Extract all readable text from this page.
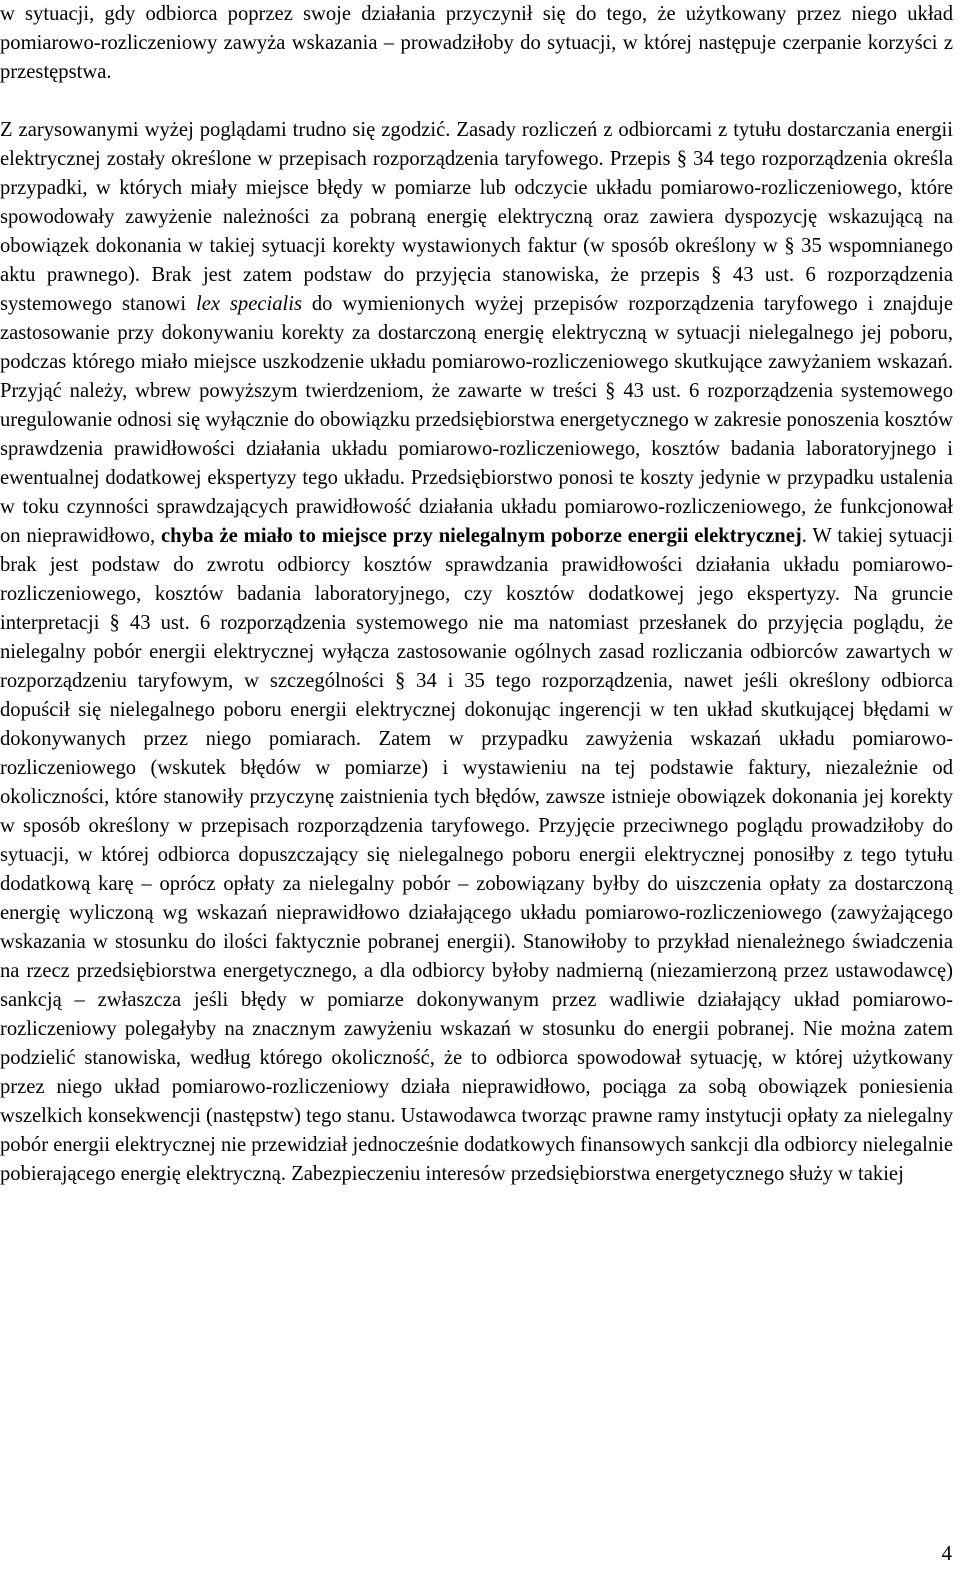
w sytuacji, gdy odbiorca poprzez swoje działania przyczynił się do tego, że użytkowany przez niego układ pomiarowo-rozliczeniowy zawyża wskazania – prowadziłoby do sytuacji, w której następuje czerpanie korzyści z przestępstwa.

Z zarysowanymi wyżej poglądami trudno się zgodzić. Zasady rozliczeń z odbiorcami z tytułu dostarczania energii elektrycznej zostały określone w przepisach rozporządzenia taryfowego. Przepis § 34 tego rozporządzenia określa przypadki, w których miały miejsce błędy w pomiarze lub odczycie układu pomiarowo-rozliczeniowego, które spowodowały zawyżenie należności za pobraną energię elektryczną oraz zawiera dyspozycję wskazującą na obowiązek dokonania w takiej sytuacji korekty wystawionych faktur (w sposób określony w § 35 wspomnianego aktu prawnego). Brak jest zatem podstaw do przyjęcia stanowiska, że przepis § 43 ust. 6 rozporządzenia systemowego stanowi lex specialis do wymienionych wyżej przepisów rozporządzenia taryfowego i znajduje zastosowanie przy dokonywaniu korekty za dostarczoną energię elektryczną w sytuacji nielegalnego jej poboru, podczas którego miało miejsce uszkodzenie układu pomiarowo-rozliczeniowego skutkujące zawyżaniem wskazań. Przyjąć należy, wbrew powyższym twierdzeniom, że zawarte w treści § 43 ust. 6 rozporządzenia systemowego uregulowanie odnosi się wyłącznie do obowiązku przedsiębiorstwa energetycznego w zakresie ponoszenia kosztów sprawdzenia prawidłowości działania układu pomiarowo-rozliczeniowego, kosztów badania laboratoryjnego i ewentualnej dodatkowej ekspertyzy tego układu. Przedsiębiorstwo ponosi te koszty jedynie w przypadku ustalenia w toku czynności sprawdzających prawidłowość działania układu pomiarowo-rozliczeniowego, że funkcjonował on nieprawidłowo, chyba że miało to miejsce przy nielegalnym poborze energii elektrycznej. W takiej sytuacji brak jest podstaw do zwrotu odbiorcy kosztów sprawdzania prawidłowości działania układu pomiarowo-rozliczeniowego, kosztów badania laboratoryjnego, czy kosztów dodatkowej jego ekspertyzy. Na gruncie interpretacji § 43 ust. 6 rozporządzenia systemowego nie ma natomiast przesłanek do przyjęcia poglądu, że nielegalny pobór energii elektrycznej wyłącza zastosowanie ogólnych zasad rozliczania odbiorców zawartych w rozporządzeniu taryfowym, w szczególności § 34 i 35 tego rozporządzenia, nawet jeśli określony odbiorca dopuścił się nielegalnego poboru energii elektrycznej dokonując ingerencji w ten układ skutkującej błędami w dokonywanych przez niego pomiarach. Zatem w przypadku zawyżenia wskazań układu pomiarowo-rozliczeniowego (wskutek błędów w pomiarze) i wystawieniu na tej podstawie faktury, niezależnie od okoliczności, które stanowiły przyczynę zaistnienia tych błędów, zawsze istnieje obowiązek dokonania jej korekty w sposób określony w przepisach rozporządzenia taryfowego. Przyjęcie przeciwnego poglądu prowadziłoby do sytuacji, w której odbiorca dopuszczający się nielegalnego poboru energii elektrycznej ponosiłby z tego tytułu dodatkową karę – oprócz opłaty za nielegalny pobór – zobowiązany byłby do uiszczenia opłaty za dostarczoną energię wyliczoną wg wskazań nieprawidłowo działającego układu pomiarowo-rozliczeniowego (zawyżającego wskazania w stosunku do ilości faktycznie pobranej energii). Stanowiłoby to przykład nienależnego świadczenia na rzecz przedsiębiorstwa energetycznego, a dla odbiorcy byłoby nadmierną (niezamierzoną przez ustawodawcę) sankcją – zwłaszcza jeśli błędy w pomiarze dokonywanym przez wadliwie działający układ pomiarowo-rozliczeniowy polegałyby na znacznym zawyżeniu wskazań w stosunku do energii pobranej. Nie można zatem podzielić stanowiska, według którego okoliczność, że to odbiorca spowodował sytuację, w której użytkowany przez niego układ pomiarowo-rozliczeniowy działa nieprawidłowo, pociąga za sobą obowiązek poniesienia wszelkich konsekwencji (następstw) tego stanu. Ustawodawca tworząc prawne ramy instytucji opłaty za nielegalny pobór energii elektrycznej nie przewidział jednocześnie dodatkowych finansowych sankcji dla odbiorcy nielegalnie pobierającego energię elektryczną. Zabezpieczeniu interesów przedsiębiorstwa energetycznego służy w takiej

4
